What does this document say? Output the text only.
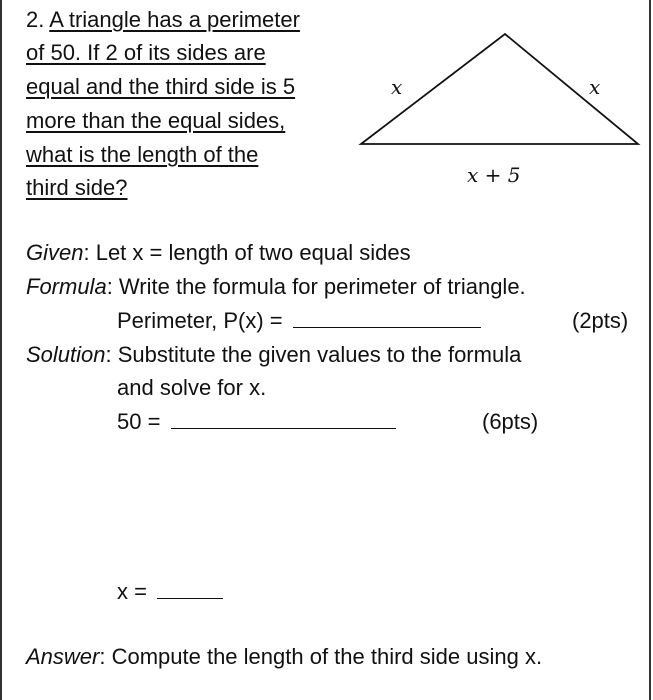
2. A triangle has a perimeter
of 50. If 2 of its sides are
equal and the third side is 5
more than the equal sides,
what is the length of the
third side?
x	x
x + 5
Given: Let x = length of two equal sides
Formula: Write the formula for perimeter of triangle.
Perimeter, P(x) =	(2pts)
Solution: Substitute the given values to the formula
and solve for x.
50 =	(6pts)
x =
Answer: Compute the length of the third side using x.
